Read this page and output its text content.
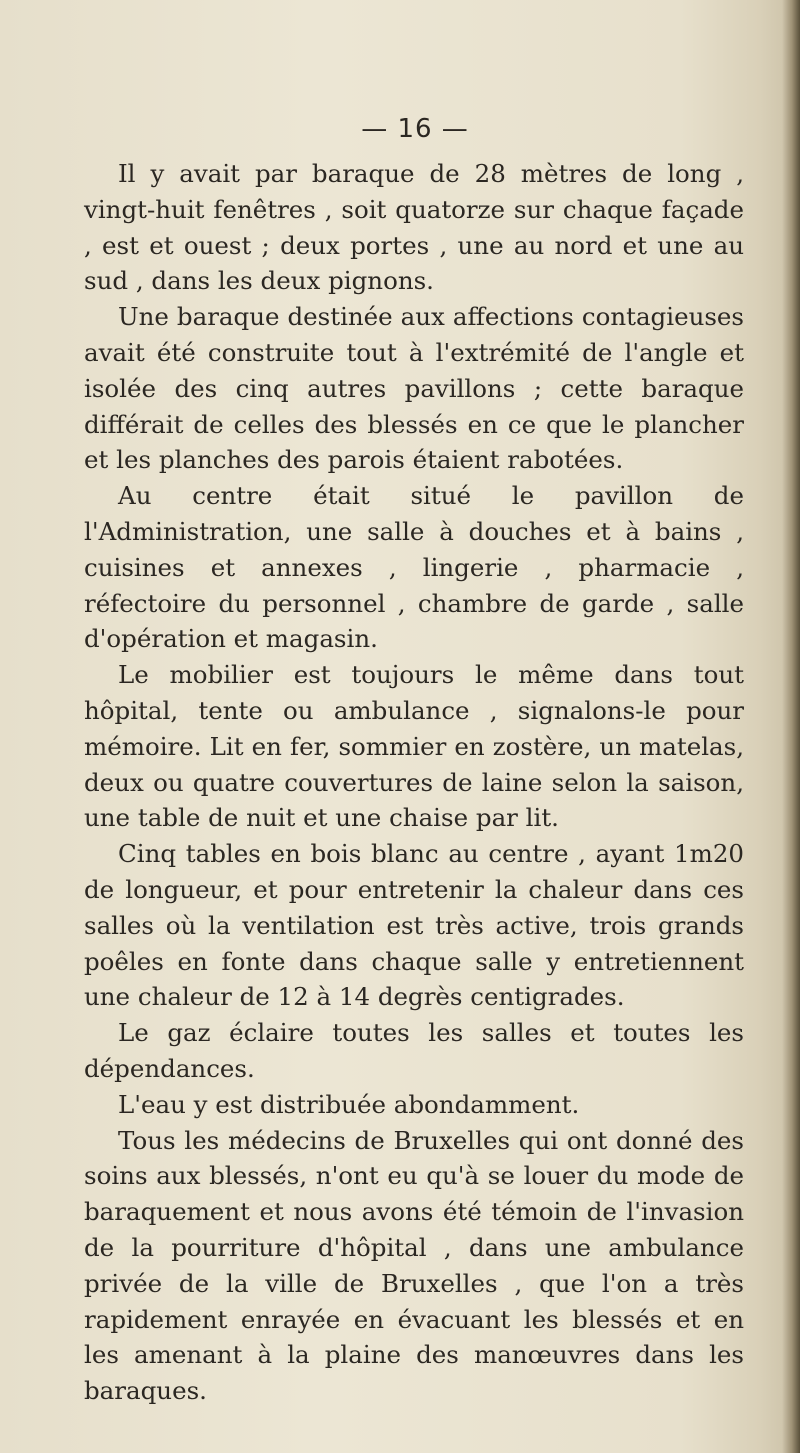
— 16 —

Il y avait par baraque de 28 mètres de long , vingt-huit fenêtres , soit quatorze sur chaque façade , est et ouest ; deux portes , une au nord et une au sud , dans les deux pignons.

Une baraque destinée aux affections contagieuses avait été construite tout à l'extrémité de l'angle et isolée des cinq autres pavillons ; cette baraque différait de celles des blessés en ce que le plancher et les planches des parois étaient rabotées.

Au centre était situé le pavillon de l'Administration, une salle à douches et à bains , cuisines et annexes , lingerie , pharmacie , réfectoire du personnel , chambre de garde , salle d'opération et magasin.

Le mobilier est toujours le même dans tout hôpital, tente ou ambulance , signalons-le pour mémoire. Lit en fer, sommier en zostère, un matelas, deux ou quatre couvertures de laine selon la saison, une table de nuit et une chaise par lit.

Cinq tables en bois blanc au centre , ayant 1m20 de longueur, et pour entretenir la chaleur dans ces salles où la ventilation est très active, trois grands poêles en fonte dans chaque salle y entretiennent une chaleur de 12 à 14 degrès centigrades.

Le gaz éclaire toutes les salles et toutes les dépendances.

L'eau y est distribuée abondamment.

Tous les médecins de Bruxelles qui ont donné des soins aux blessés, n'ont eu qu'à se louer du mode de baraquement et nous avons été témoin de l'invasion de la pourriture d'hôpital , dans une ambulance privée de la ville de Bruxelles , que l'on a très rapidement enrayée en évacuant les blessés et en les amenant à la plaine des manœuvres dans les baraques.
